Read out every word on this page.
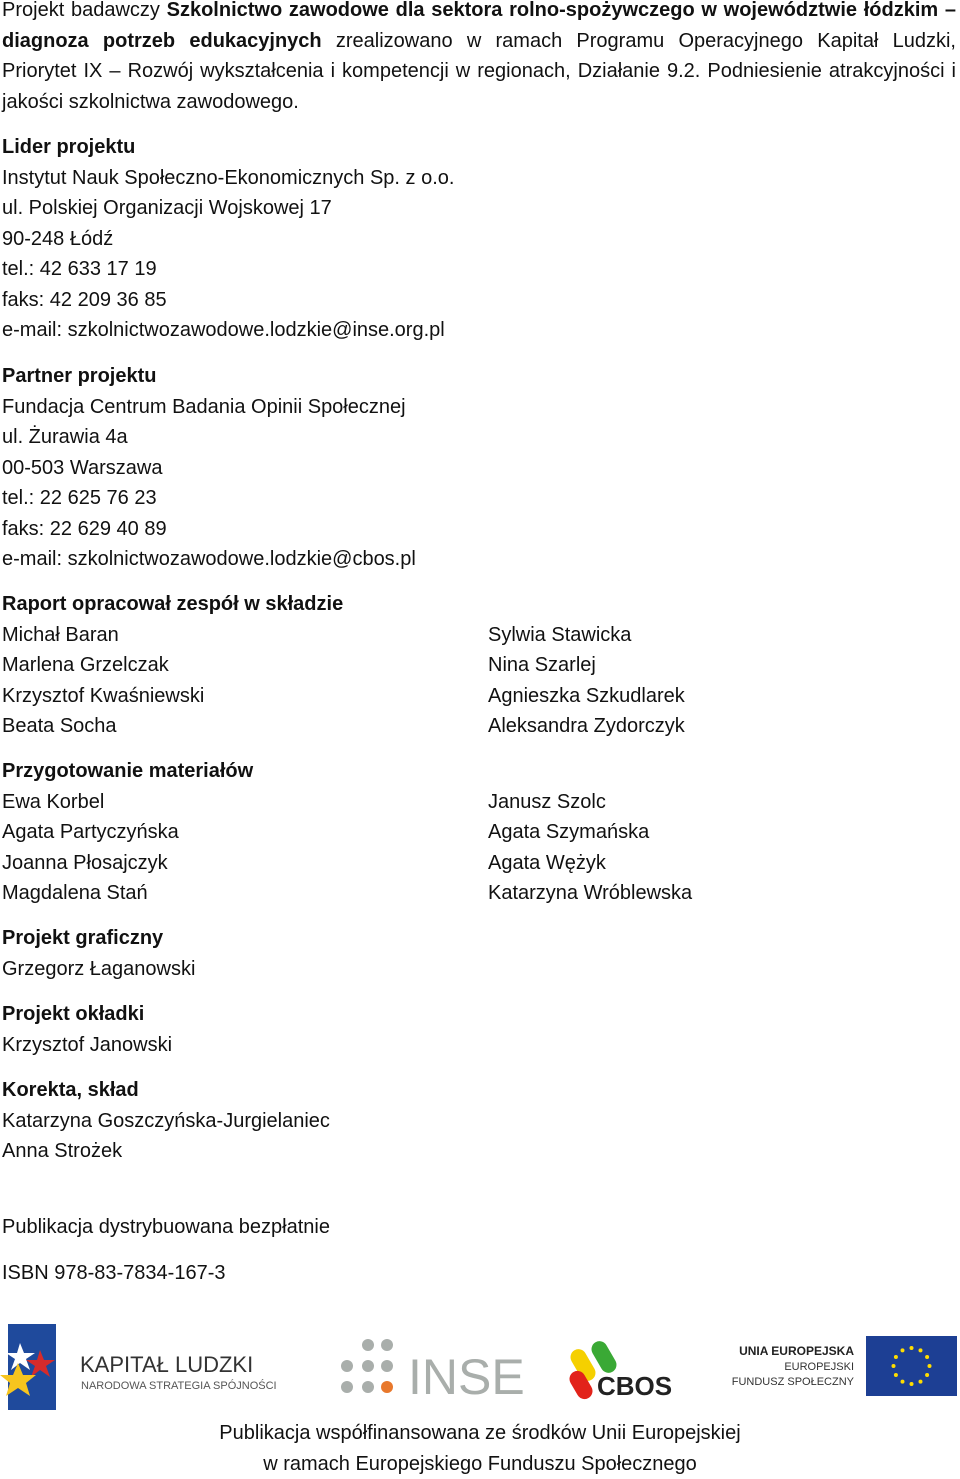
Projekt badawczy Szkolnictwo zawodowe dla sektora rolno-spożywczego w województwie łódzkim – diagnoza potrzeb edukacyjnych zrealizowano w ramach Programu Operacyjnego Kapitał Ludzki, Priorytet IX – Rozwój wykształcenia i kompetencji w regionach, Działanie 9.2. Podniesienie atrakcyjności i jakości szkolnictwa zawodowego.
Lider projektu
Instytut Nauk Społeczno-Ekonomicznych Sp. z o.o.
ul. Polskiej Organizacji Wojskowej 17
90-248 Łódź
tel.: 42 633 17 19
faks: 42 209 36 85
e-mail: szkolnictwozawodowe.lodzkie@inse.org.pl
Partner projektu
Fundacja Centrum Badania Opinii Społecznej
ul. Żurawia 4a
00-503 Warszawa
tel.: 22 625 76 23
faks: 22 629 40 89
e-mail: szkolnictwozawodowe.lodzkie@cbos.pl
Raport opracował zespół w składzie
Michał Baran
Marlena Grzelczak
Krzysztof Kwaśniewski
Beata Socha
Sylwia Stawicka
Nina Szarlej
Agnieszka Szkudlarek
Aleksandra Zydorczyk
Przygotowanie materiałów
Ewa Korbel
Agata Partyczyńska
Joanna Płosajczyk
Magdalena Stań
Janusz Szolc
Agata Szymańska
Agata Wężyk
Katarzyna Wróblewska
Projekt graficzny
Grzegorz Łaganowski
Projekt okładki
Krzysztof Janowski
Korekta, skład
Katarzyna Goszczyńska-Jurgielaniec
Anna Strożek
Publikacja dystrybuowana bezpłatnie
ISBN 978-83-7834-167-3
KAPITAŁ LUDZKI
NARODOWA STRATEGIA SPÓJNOŚCI	INSE	CBOS
UNIA EUROPEJSKA
EUROPEJSKI
FUNDUSZ SPOŁECZNY
Publikacja współfinansowana ze środków Unii Europejskiej
w ramach Europejskiego Funduszu Społecznego
